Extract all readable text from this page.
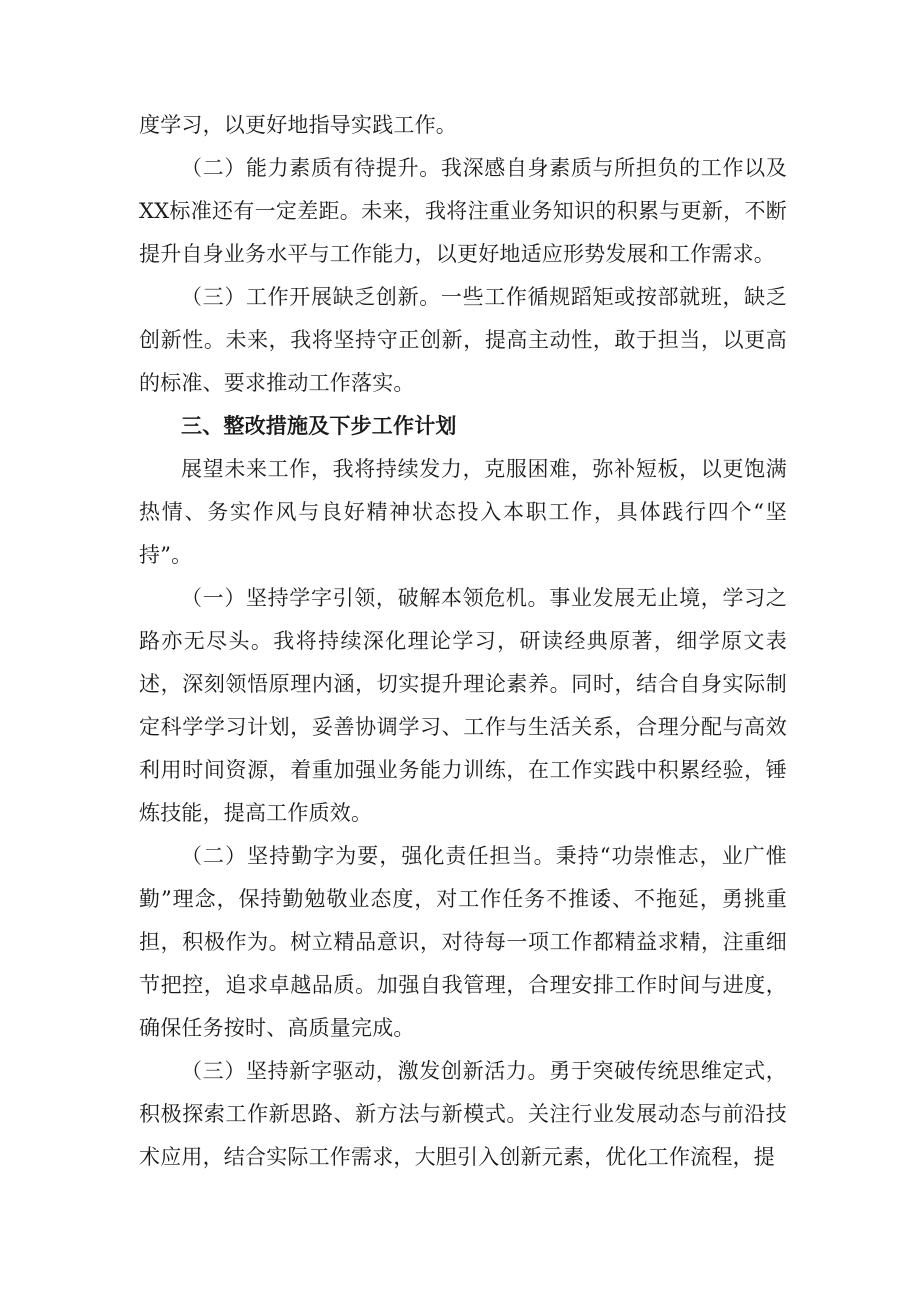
度学习，以更好地指导实践工作。

（二）能力素质有待提升。我深感自身素质与所担负的工作以及XX标准还有一定差距。未来，我将注重业务知识的积累与更新，不断提升自身业务水平与工作能力，以更好地适应形势发展和工作需求。

（三）工作开展缺乏创新。一些工作循规蹈矩或按部就班，缺乏创新性。未来，我将坚持守正创新，提高主动性，敢于担当，以更高的标准、要求推动工作落实。

三、整改措施及下步工作计划

展望未来工作，我将持续发力，克服困难，弥补短板，以更饱满热情、务实作风与良好精神状态投入本职工作，具体践行四个“坚持”。

（一）坚持学字引领，破解本领危机。事业发展无止境，学习之路亦无尽头。我将持续深化理论学习，研读经典原著，细学原文表述，深刻领悟原理内涵，切实提升理论素养。同时，结合自身实际制定科学学习计划，妥善协调学习、工作与生活关系，合理分配与高效利用时间资源，着重加强业务能力训练，在工作实践中积累经验，锤炼技能，提高工作质效。

（二）坚持勤字为要，强化责任担当。秉持“功崇惟志，业广惟勤”理念，保持勤勉敬业态度，对工作任务不推诿、不拖延，勇挑重担，积极作为。树立精品意识，对待每一项工作都精益求精，注重细节把控，追求卓越品质。加强自我管理，合理安排工作时间与进度，确保任务按时、高质量完成。

（三）坚持新字驱动，激发创新活力。勇于突破传统思维定式，积极探索工作新思路、新方法与新模式。关注行业发展动态与前沿技术应用，结合实际工作需求，大胆引入创新元素，优化工作流程，提
